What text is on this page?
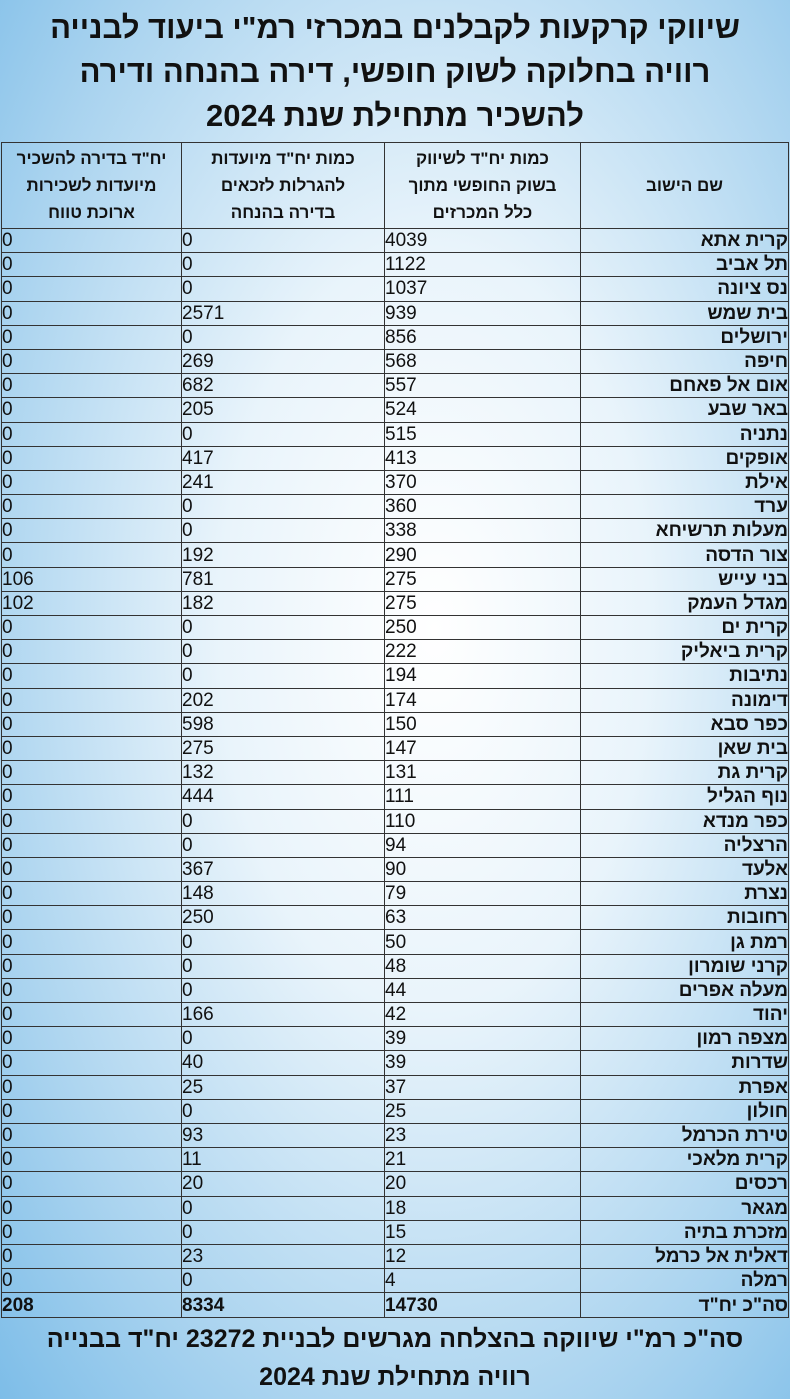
שיווקי קרקעות לקבלנים במכרזי רמ"י ביעוד לבנייה
רוויה בחלוקה לשוק חופשי, דירה בהנחה ודירה
להשכיר מתחילת שנת 2024
שם הישוב	כמות יח"ד לשיווק בשוק החופשי מתוך כלל המכרזים	כמות יח"ד מיועדות להגרלות לזכאים בדירה בהנחה	יח"ד בדירה להשכיר מיועדות לשכירות ארוכת טווח
קרית אתא	4039	0	0
תל אביב	1122	0	0
נס ציונה	1037	0	0
בית שמש	939	2571	0
ירושלים	856	0	0
חיפה	568	269	0
אום אל פאחם	557	682	0
באר שבע	524	205	0
נתניה	515	0	0
אופקים	413	417	0
אילת	370	241	0
ערד	360	0	0
מעלות תרשיחא	338	0	0
צור הדסה	290	192	0
בני עייש	275	781	106
מגדל העמק	275	182	102
קרית ים	250	0	0
קרית ביאליק	222	0	0
נתיבות	194	0	0
דימונה	174	202	0
כפר סבא	150	598	0
בית שאן	147	275	0
קרית גת	131	132	0
נוף הגליל	111	444	0
כפר מנדא	110	0	0
הרצליה	94	0	0
אלעד	90	367	0
נצרת	79	148	0
רחובות	63	250	0
רמת גן	50	0	0
קרני שומרון	48	0	0
מעלה אפרים	44	0	0
יהוד	42	166	0
מצפה רמון	39	0	0
שדרות	39	40	0
אפרת	37	25	0
חולון	25	0	0
טירת הכרמל	23	93	0
קרית מלאכי	21	11	0
רכסים	20	20	0
מגאר	18	0	0
מזכרת בתיה	15	0	0
דאלית אל כרמל	12	23	0
רמלה	4	0	0
סה"כ יח"ד	14730	8334	208
סה"כ רמ"י שיווקה בהצלחה מגרשים לבניית 23272 יח"ד בבנייה
רוויה מתחילת שנת 2024
